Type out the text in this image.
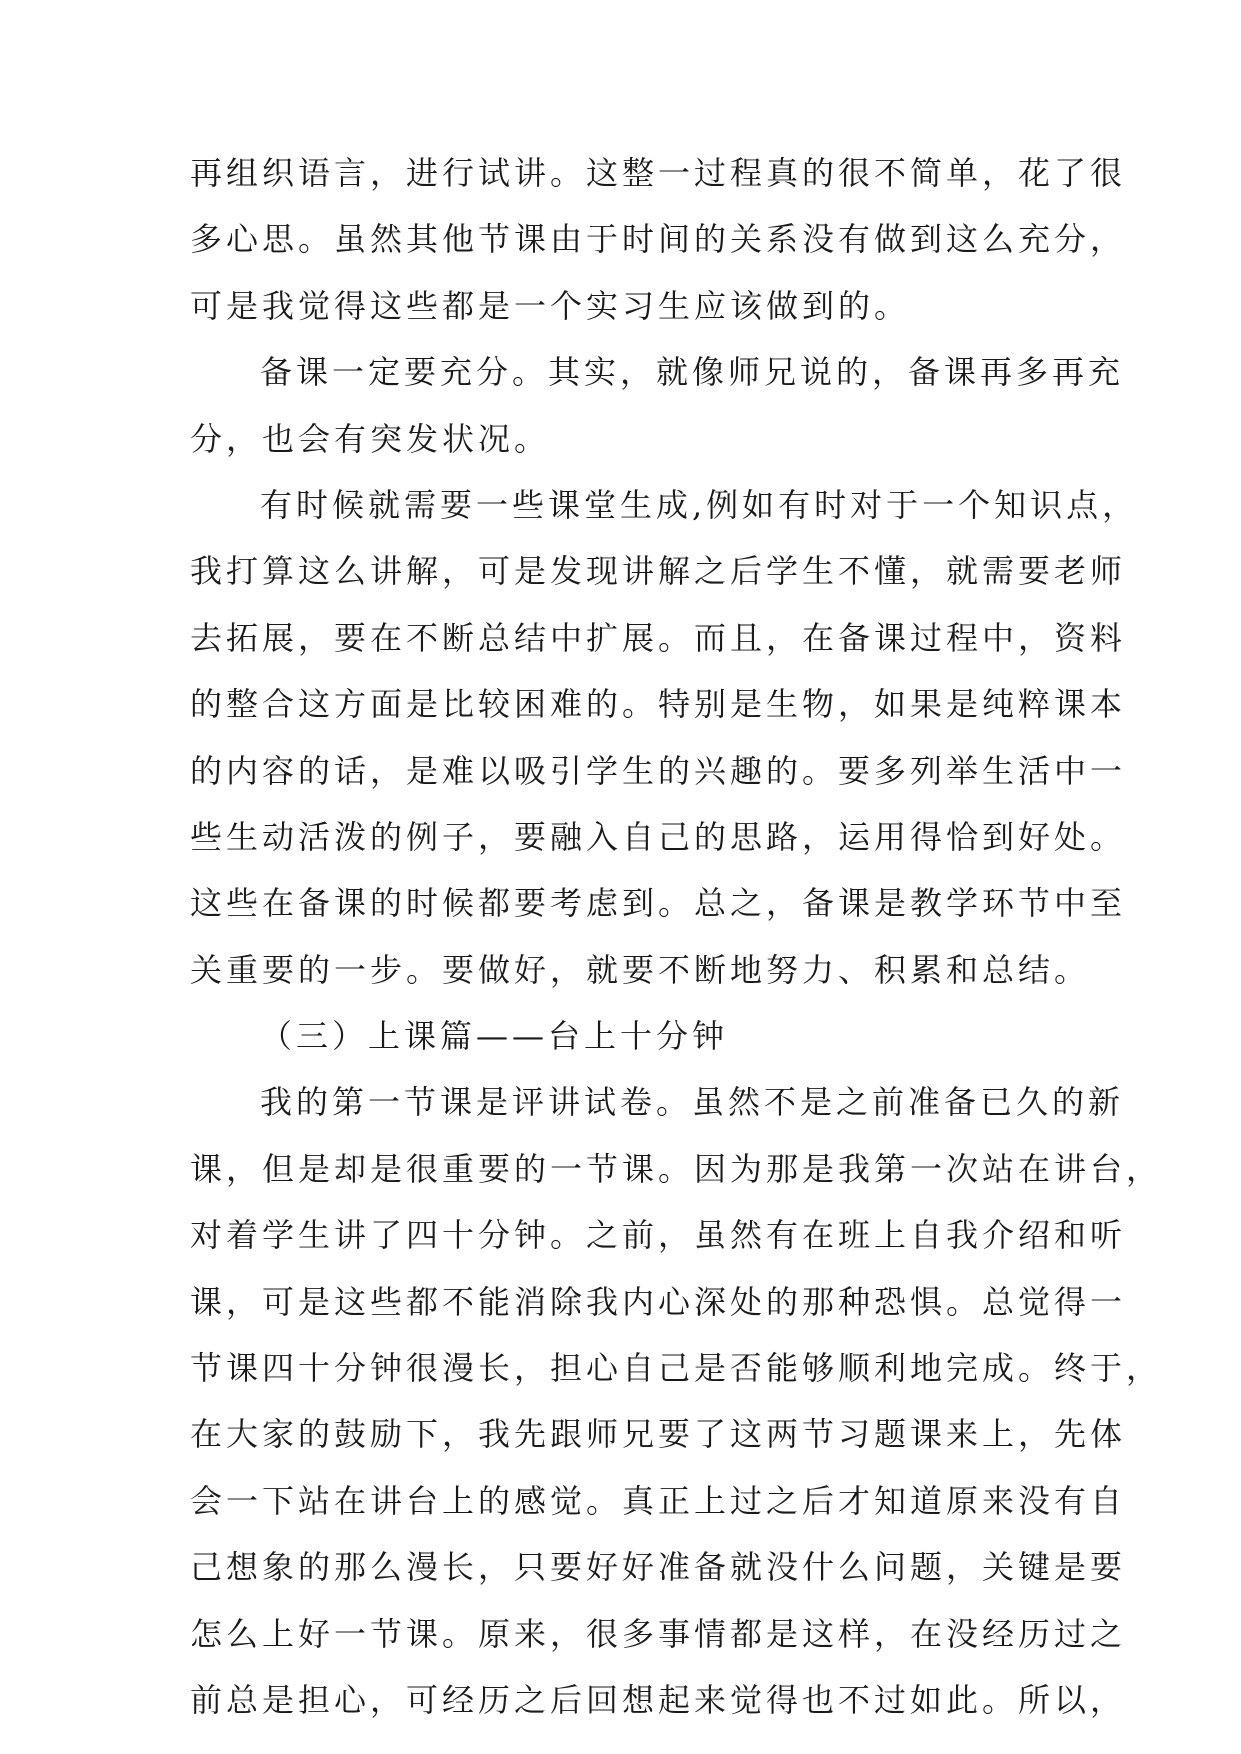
再组织语言，进行试讲。这整一过程真的很不简单，花了很
多心思。虽然其他节课由于时间的关系没有做到这么充分，
可是我觉得这些都是一个实习生应该做到的。
备课一定要充分。其实，就像师兄说的，备课再多再充
分，也会有突发状况。
有时候就需要一些课堂生成,例如有时对于一个知识点，
我打算这么讲解，可是发现讲解之后学生不懂，就需要老师
去拓展，要在不断总结中扩展。而且，在备课过程中，资料
的整合这方面是比较困难的。特别是生物，如果是纯粹课本
的内容的话，是难以吸引学生的兴趣的。要多列举生活中一
些生动活泼的例子，要融入自己的思路，运用得恰到好处。
这些在备课的时候都要考虑到。总之，备课是教学环节中至
关重要的一步。要做好，就要不断地努力、积累和总结。
（三）上课篇——台上十分钟
我的第一节课是评讲试卷。虽然不是之前准备已久的新
课，但是却是很重要的一节课。因为那是我第一次站在讲台，
对着学生讲了四十分钟。之前，虽然有在班上自我介绍和听
课，可是这些都不能消除我内心深处的那种恐惧。总觉得一
节课四十分钟很漫长，担心自己是否能够顺利地完成。终于，
在大家的鼓励下，我先跟师兄要了这两节习题课来上，先体
会一下站在讲台上的感觉。真正上过之后才知道原来没有自
己想象的那么漫长，只要好好准备就没什么问题，关键是要
怎么上好一节课。原来，很多事情都是这样，在没经历过之
前总是担心，可经历之后回想起来觉得也不过如此。所以，
